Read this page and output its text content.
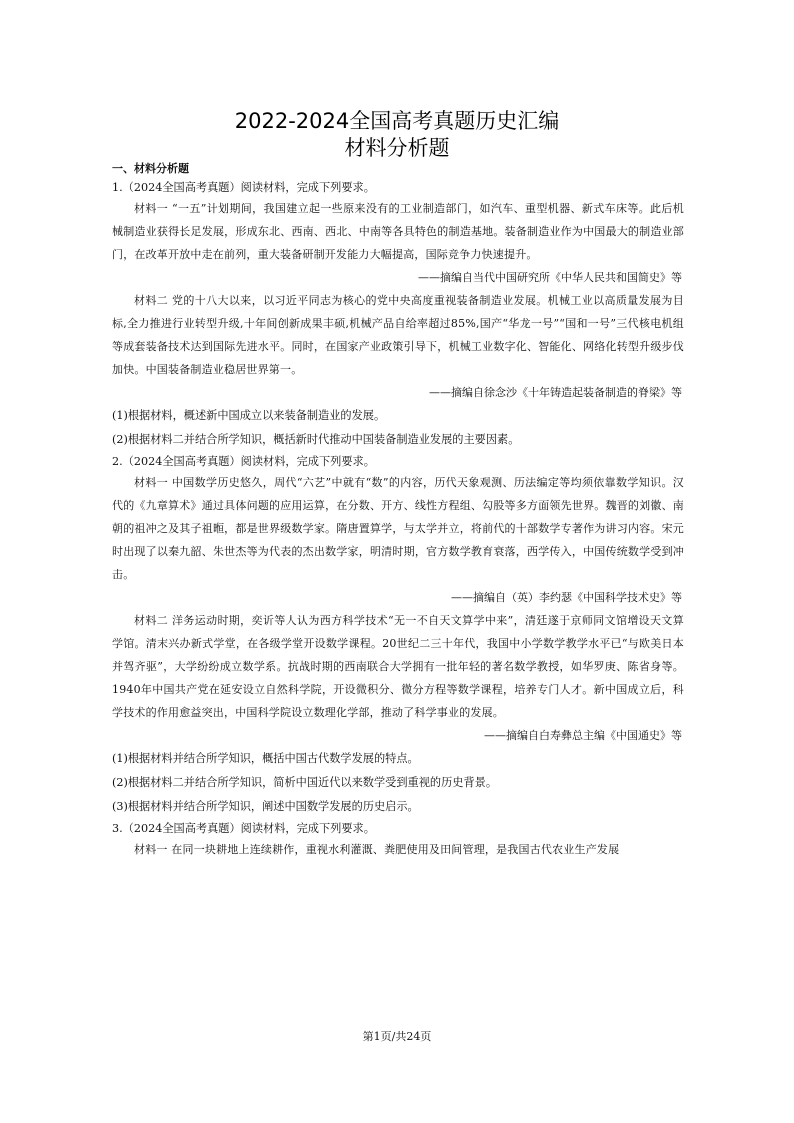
2022-2024全国高考真题历史汇编
材料分析题
一、材料分析题

1.（2024全国高考真题）阅读材料，完成下列要求。

材料一 “一五”计划期间，我国建立起一些原来没有的工业制造部门，如汽车、重型机器、新式车床等。此后机械制造业获得长足发展，形成东北、西南、西北、中南等各具特色的制造基地。装备制造业作为中国最大的制造业部门，在改革开放中走在前列，重大装备研制开发能力大幅提高，国际竞争力快速提升。

——摘编自当代中国研究所《中华人民共和国简史》等

材料二 党的十八大以来，以习近平同志为核心的党中央高度重视装备制造业发展。机械工业以高质量发展为目标,全力推进行业转型升级,十年间创新成果丰硕,机械产品自给率超过85%,国产“华龙一号”“国和一号”三代核电机组等成套装备技术达到国际先进水平。同时，在国家产业政策引导下，机械工业数字化、智能化、网络化转型升级步伐加快。中国装备制造业稳居世界第一。

——摘编自徐念沙《十年铸造起装备制造的脊梁》等

(1)根据材料，概述新中国成立以来装备制造业的发展。

(2)根据材料二并结合所学知识，概括新时代推动中国装备制造业发展的主要因素。

2.（2024全国高考真题）阅读材料，完成下列要求。

材料一 中国数学历史悠久，周代“六艺”中就有“数”的内容，历代天象观测、历法编定等均须依靠数学知识。汉代的《九章算术》通过具体问题的应用运算，在分数、开方、线性方程组、勾股等多方面领先世界。魏晋的刘徽、南朝的祖冲之及其子祖暅，都是世界级数学家。隋唐置算学，与太学并立，将前代的十部数学专著作为讲习内容。宋元时出现了以秦九韶、朱世杰等为代表的杰出数学家，明清时期，官方数学教育衰落，西学传入，中国传统数学受到冲击。

——摘编自（英）李约瑟《中国科学技术史》等

材料二 洋务运动时期，奕䜣等人认为西方科学技术“无一不自天文算学中来”，清廷遂于京师同文馆增设天文算学馆。清末兴办新式学堂，在各级学堂开设数学课程。20世纪二三十年代，我国中小学数学教学水平已“与欧美日本并驾齐驱”，大学纷纷成立数学系。抗战时期的西南联合大学拥有一批年轻的著名数学教授，如华罗庚、陈省身等。1940年中国共产党在延安设立自然科学院，开设微积分、微分方程等数学课程，培养专门人才。新中国成立后，科学技术的作用愈益突出，中国科学院设立数理化学部，推动了科学事业的发展。

——摘编自白寿彝总主编《中国通史》等

(1)根据材料并结合所学知识，概括中国古代数学发展的特点。

(2)根据材料二并结合所学知识，简析中国近代以来数学受到重视的历史背景。

(3)根据材料并结合所学知识，阐述中国数学发展的历史启示。

3.（2024全国高考真题）阅读材料，完成下列要求。

材料一 在同一块耕地上连续耕作，重视水利灌溉、粪肥使用及田间管理，是我国古代农业生产发展

第1页/共24页
